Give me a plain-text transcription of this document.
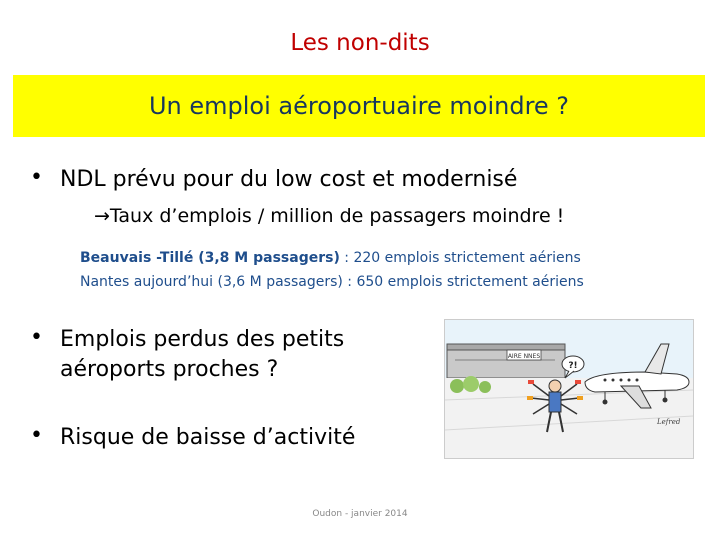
Les non-dits
Un emploi aéroportuaire moindre ?
• NDL prévu pour du low cost et modernisé
→Taux d’emplois / million de passagers moindre !
Beauvais -Tillé (3,8 M passagers) : 220 emplois strictement aériens
Nantes aujourd’hui (3,6 M passagers) : 650 emplois strictement aériens
• Emplois perdus des petits aéroports proches ?
• Risque de baisse d’activité
AIRE NNES
?!
Lefred
Oudon - janvier 2014
